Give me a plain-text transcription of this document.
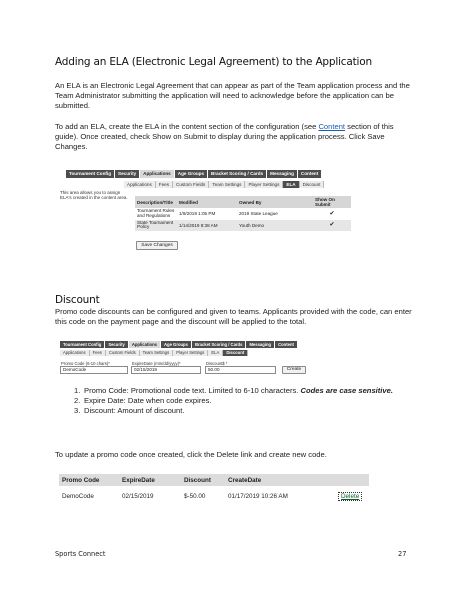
Adding an ELA (Electronic Legal Agreement) to the Application

An ELA is an Electronic Legal Agreement that can appear as part of the Team application process and the Team Administrator submitting the application will need to acknowledge before the application can be submitted.

To add an ELA, create the ELA in the content section of the configuration (see Content section of this guide). Once created, check Show on Submit to display during the application process. Click Save Changes.

Tournament Config	Security	Applications	Age Groups	Bracket Scoring / Cards	Messaging	Content
Applications	Fees	Custom Fields	Team Settings	Player Settings	ELA	Discount
This area allows you to assign ELA's created in the content area.
Description/Title	Modified	Owned By	Show On Submit
Tournament Rules and Regulations	1/9/2019 1:05 PM	2019 State League	✔
State Tournament Policy	1/14/2019 8:38 AM	Youth Demo	✔
Save Changes
Discount

Promo code discounts can be configured and given to teams. Applicants provided with the code, can enter this code on the payment page and the discount will be applied to the total.

Tournament Config	Security	Applications	Age Groups	Bracket Scoring / Cards	Messaging	Content
Applications	Fees	Custom Fields	Team Settings	Player Settings	ELA	Discount
Promo Code (6-10 chars)*
DemoCode
ExpireDate (mm/dd/yyyy)*
02/15/2019
Discount$ *
50.00	Create
1. Promo Code: Promotional code text. Limited to 6-10 characters. Codes are case sensitive.
2. Expire Date: Date when code expires.
3. Discount: Amount of discount.

To update a promo code once created, click the Delete link and create new code.

Promo Code	ExpireDate	Discount	CreateDate	

DemoCode	02/15/2019	$-50.00	01/17/2019 10:26 AM	Delete
Sports Connect	27
